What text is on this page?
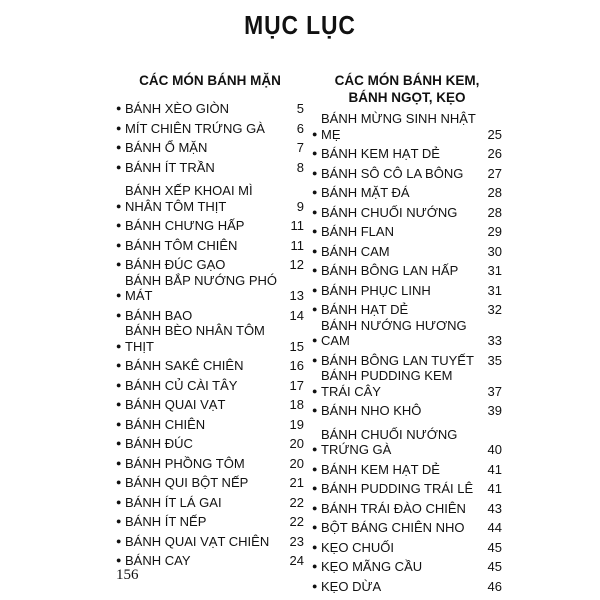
MỤC LỤC
CÁC MÓN BÁNH MẶN
● BÁNH XÈO GIÒN	5
● MÍT CHIÊN TRỨNG GÀ	6
● BÁNH Ổ MẶN	7
● BÁNH ÍT TRẦN	8
●
BÁNH XẾP KHOAI MÌ NHÂN TÔM THỊT	9
● BÁNH CHƯNG HẤP	11
● BÁNH TÔM CHIÊN	11
● BÁNH ĐÚC GẠO	12
●
BÁNH BẮP NƯỚNG PHÓ MÁT	13
● BÁNH BAO	14
●
BÁNH BÈO NHÂN TÔM THỊT	15
● BÁNH SAKÊ CHIÊN	16
● BÁNH CỦ CÀI TÂY	17
● BÁNH QUAI VẠT	18
● BÁNH CHIÊN	19
● BÁNH ĐÚC	20
● BÁNH PHỒNG TÔM	20
● BÁNH QUI BỘT NẾP	21
● BÁNH ÍT LÁ GAI	22
● BÁNH ÍT NẾP	22
● BÁNH QUAI VẠT CHIÊN	23
● BÁNH CAY	24
CÁC MÓN BÁNH KEM,
BÁNH NGỌT, KẸO
●
BÁNH MỪNG SINH NHẬT MẸ	25
● BÁNH KEM HẠT DẺ	26
● BÁNH SÔ CÔ LA BÔNG	27
● BÁNH MẶT ĐÁ	28
● BÁNH CHUỐI NƯỚNG	28
● BÁNH FLAN	29
● BÁNH CAM	30
● BÁNH BÔNG LAN HẤP	31
● BÁNH PHỤC LINH	31
● BÁNH HẠT DẺ	32
●
BÁNH NƯỚNG HƯƠNG CAM	33
● BÁNH BÔNG LAN TUYẾT	35
●
BÁNH PUDDING KEM TRÁI CÂY	37
● BÁNH NHO KHÔ	39
●
BÁNH CHUỐI NƯỚNG TRỨNG GÀ	40
● BÁNH KEM HẠT DẺ	41
● BÁNH PUDDING TRÁI LÊ	41
● BÁNH TRÁI ĐÀO CHIÊN	43
● BỘT BÁNG CHIÊN NHO	44
● KẸO CHUỐI	45
● KẸO MÃNG CẦU	45
● KẸO DỪA	46
156
